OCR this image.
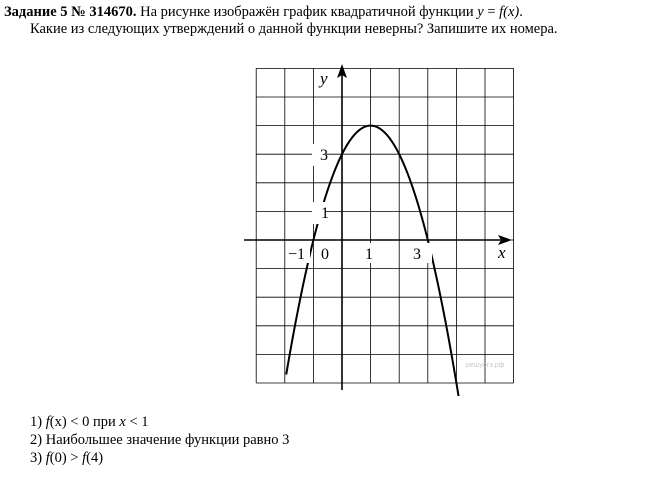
Задание 5 № 314670. На рисунке изображён график квадратичной функции y = f(x).
Какие из следующих утверждений о данной функции неверны? Запишите их номера.
y
x
3
1
−1 0 1	3
решуогэ.рф
1) f(x) < 0 при x < 1
2) Наибольшее значение функции равно 3
3) f(0) > f(4)
